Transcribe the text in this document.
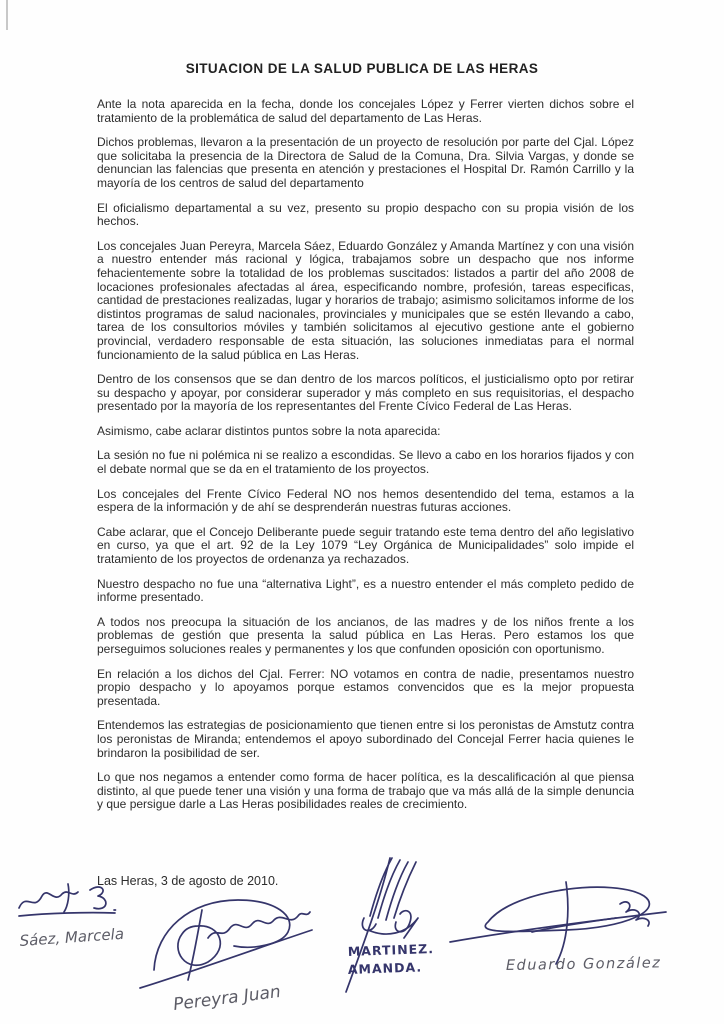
SITUACION DE LA SALUD PUBLICA DE LAS HERAS

Ante la nota aparecida en la fecha, donde los concejales López y Ferrer vierten dichos sobre el tratamiento de la problemática de salud del departamento de Las Heras.

Dichos problemas, llevaron a la presentación de un proyecto de resolución por parte del Cjal. López que solicitaba la presencia de la Directora de Salud de la Comuna, Dra. Silvia Vargas, y donde se denuncian las falencias que presenta en atención y prestaciones el Hospital Dr. Ramón Carrillo y la mayoría de los centros de salud del departamento

El oficialismo departamental a su vez, presento su propio despacho con su propia visión de los hechos.

Los concejales Juan Pereyra, Marcela Sáez, Eduardo González y Amanda Martínez y con una visión a nuestro entender más racional y lógica, trabajamos sobre un despacho que nos informe fehacientemente sobre la totalidad de los problemas suscitados: listados a partir del año 2008 de locaciones profesionales afectadas al área, especificando nombre, profesión, tareas especificas, cantidad de prestaciones realizadas, lugar y horarios de trabajo; asimismo solicitamos informe de los distintos programas de salud nacionales, provinciales y municipales que se estén llevando a cabo, tarea de los consultorios móviles y también solicitamos al ejecutivo gestione ante el gobierno provincial, verdadero responsable de esta situación, las soluciones inmediatas para el normal funcionamiento de la salud pública en Las Heras.

Dentro de los consensos que se dan dentro de los marcos políticos, el justicialismo opto por retirar su despacho y apoyar, por considerar superador y más completo en sus requisitorias, el despacho presentado por la mayoría de los representantes del Frente Cívico Federal de Las Heras.

Asimismo, cabe aclarar distintos puntos sobre la nota aparecida:

La sesión no fue ni polémica ni se realizo a escondidas. Se llevo a cabo en los horarios fijados y con el debate normal que se da en el tratamiento de los proyectos.

Los concejales del Frente Cívico Federal NO nos hemos desentendido del tema, estamos a la espera de la información y de ahí se desprenderán nuestras futuras acciones.

Cabe aclarar, que el Concejo Deliberante puede seguir tratando este tema dentro del año legislativo en curso, ya que el art. 92 de la Ley 1079 “Ley Orgánica de Municipalidades” solo impide el tratamiento de los proyectos de ordenanza ya rechazados.

Nuestro despacho no fue una “alternativa Light”, es a nuestro entender el más completo pedido de informe presentado.

A todos nos preocupa la situación de los ancianos, de las madres y de los niños frente a los problemas de gestión que presenta la salud pública en Las Heras. Pero estamos los que perseguimos soluciones reales y permanentes y los que confunden oposición con oportunismo.

En relación a los dichos del Cjal. Ferrer: NO votamos en contra de nadie, presentamos nuestro propio despacho y lo apoyamos porque estamos convencidos que es la mejor propuesta presentada.

Entendemos las estrategias de posicionamiento que tienen entre si los peronistas de Amstutz contra los peronistas de Miranda; entendemos el apoyo subordinado del Concejal Ferrer hacia quienes le brindaron la posibilidad de ser.

Lo que nos negamos a entender como forma de hacer política, es la descalificación al que piensa distinto, al que puede tener una visión y una forma de trabajo que va más allá de la simple denuncia y que persigue darle a Las Heras posibilidades reales de crecimiento.

Las Heras, 3 de agosto de 2010.
Sáez, Marcela
Pereyra Juan
MARTINEZ.
AMANDA.	Eduardo González
